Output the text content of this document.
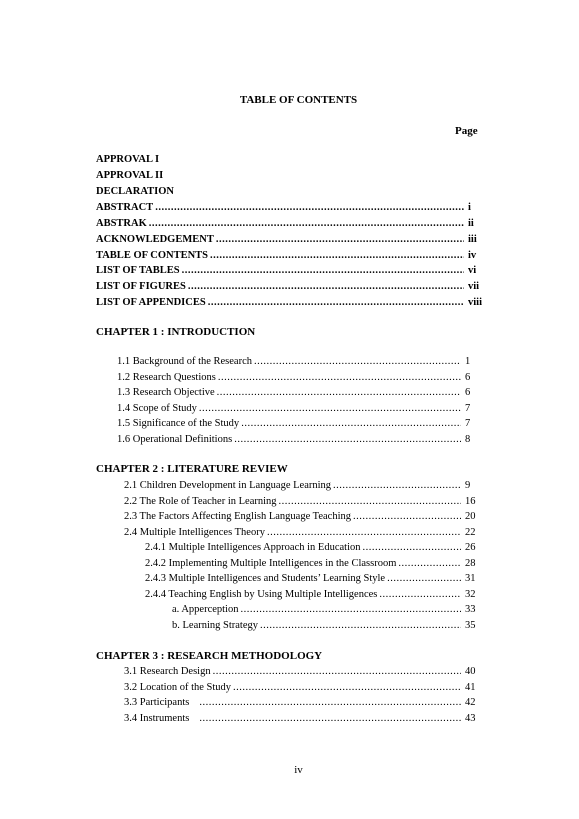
TABLE OF CONTENTS
Page
APPROVAL I
APPROVAL II
DECLARATION
ABSTRACT .....	i
ABSTRAK .....	ii
ACKNOWLEDGEMENT .....	iii
TABLE OF CONTENTS .....	iv
LIST OF TABLES .....	vi
LIST OF FIGURES .....	vii
LIST OF APPENDICES .....	viii
CHAPTER 1 : INTRODUCTION
1.1 Background of the Research .....	1
1.2 Research Questions .....	6
1.3 Research Objective .....	6
1.4 Scope of Study .....	7
1.5 Significance of the Study .....	7
1.6 Operational Definitions .....	8
CHAPTER 2 : LITERATURE REVIEW
2.1 Children Development in Language Learning .....	9
2.2 The Role of Teacher in Learning .....	16
2.3 The Factors Affecting English Language Teaching .....	20
2.4 Multiple Intelligences Theory .....	22
2.4.1 Multiple Intelligences Approach in Education .....	26
2.4.2 Implementing Multiple Intelligences in the Classroom .....	28
2.4.3 Multiple Intelligences and Students’ Learning Style .....	31
2.4.4 Teaching English by Using Multiple Intelligences .....	32
a. Apperception .....	33
b. Learning Strategy .....	35
CHAPTER 3 : RESEARCH METHODOLOGY
3.1 Research Design .....	40
3.2 Location of the Study .....	41
3.3 Participants .....	42
3.4 Instruments .....	43
iv
